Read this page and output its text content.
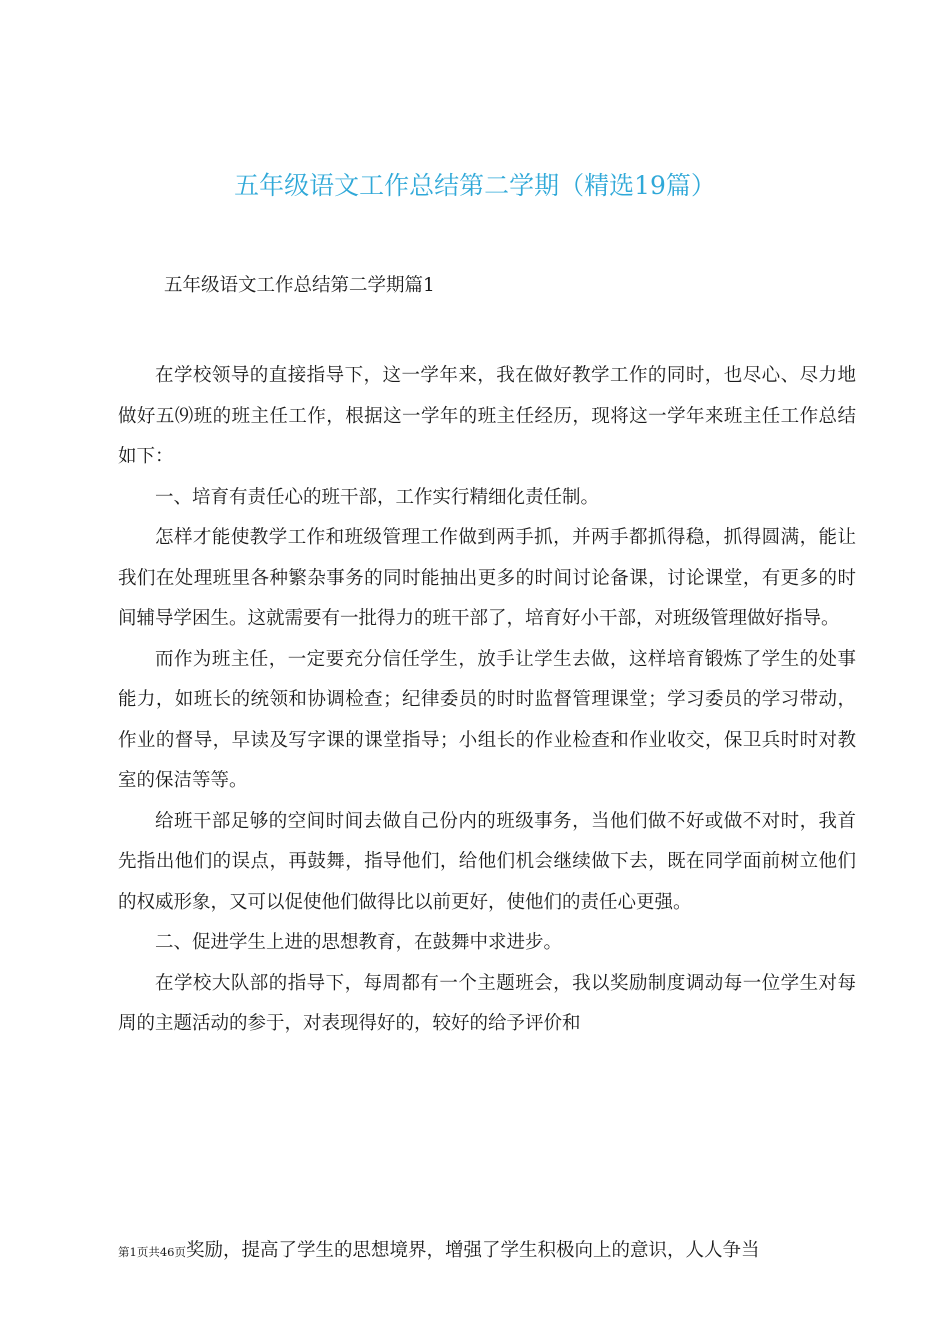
五年级语文工作总结第二学期（精选19篇）
五年级语文工作总结第二学期篇1

在学校领导的直接指导下，这一学年来，我在做好教学工作的同时，也尽心、尽力地做好五⑼班的班主任工作，根据这一学年的班主任经历，现将这一学年来班主任工作总结如下：

一、培育有责任心的班干部，工作实行精细化责任制。

怎样才能使教学工作和班级管理工作做到两手抓，并两手都抓得稳，抓得圆满，能让我们在处理班里各种繁杂事务的同时能抽出更多的时间讨论备课，讨论课堂，有更多的时间辅导学困生。这就需要有一批得力的班干部了，培育好小干部，对班级管理做好指导。

而作为班主任，一定要充分信任学生，放手让学生去做，这样培育锻炼了学生的处事能力，如班长的统领和协调检查；纪律委员的时时监督管理课堂；学习委员的学习带动，作业的督导，早读及写字课的课堂指导；小组长的作业检查和作业收交，保卫兵时时对教室的保洁等等。

给班干部足够的空间时间去做自己份内的班级事务，当他们做不好或做不对时，我首先指出他们的误点，再鼓舞，指导他们，给他们机会继续做下去，既在同学面前树立他们的权威形象，又可以促使他们做得比以前更好，使他们的责任心更强。

二、促进学生上进的思想教育，在鼓舞中求进步。

在学校大队部的指导下，每周都有一个主题班会，我以奖励制度调动每一位学生对每周的主题活动的参于，对表现得好的，较好的给予评价和

第1页共46页奖励，提高了学生的思想境界，增强了学生积极向上的意识，人人争当
